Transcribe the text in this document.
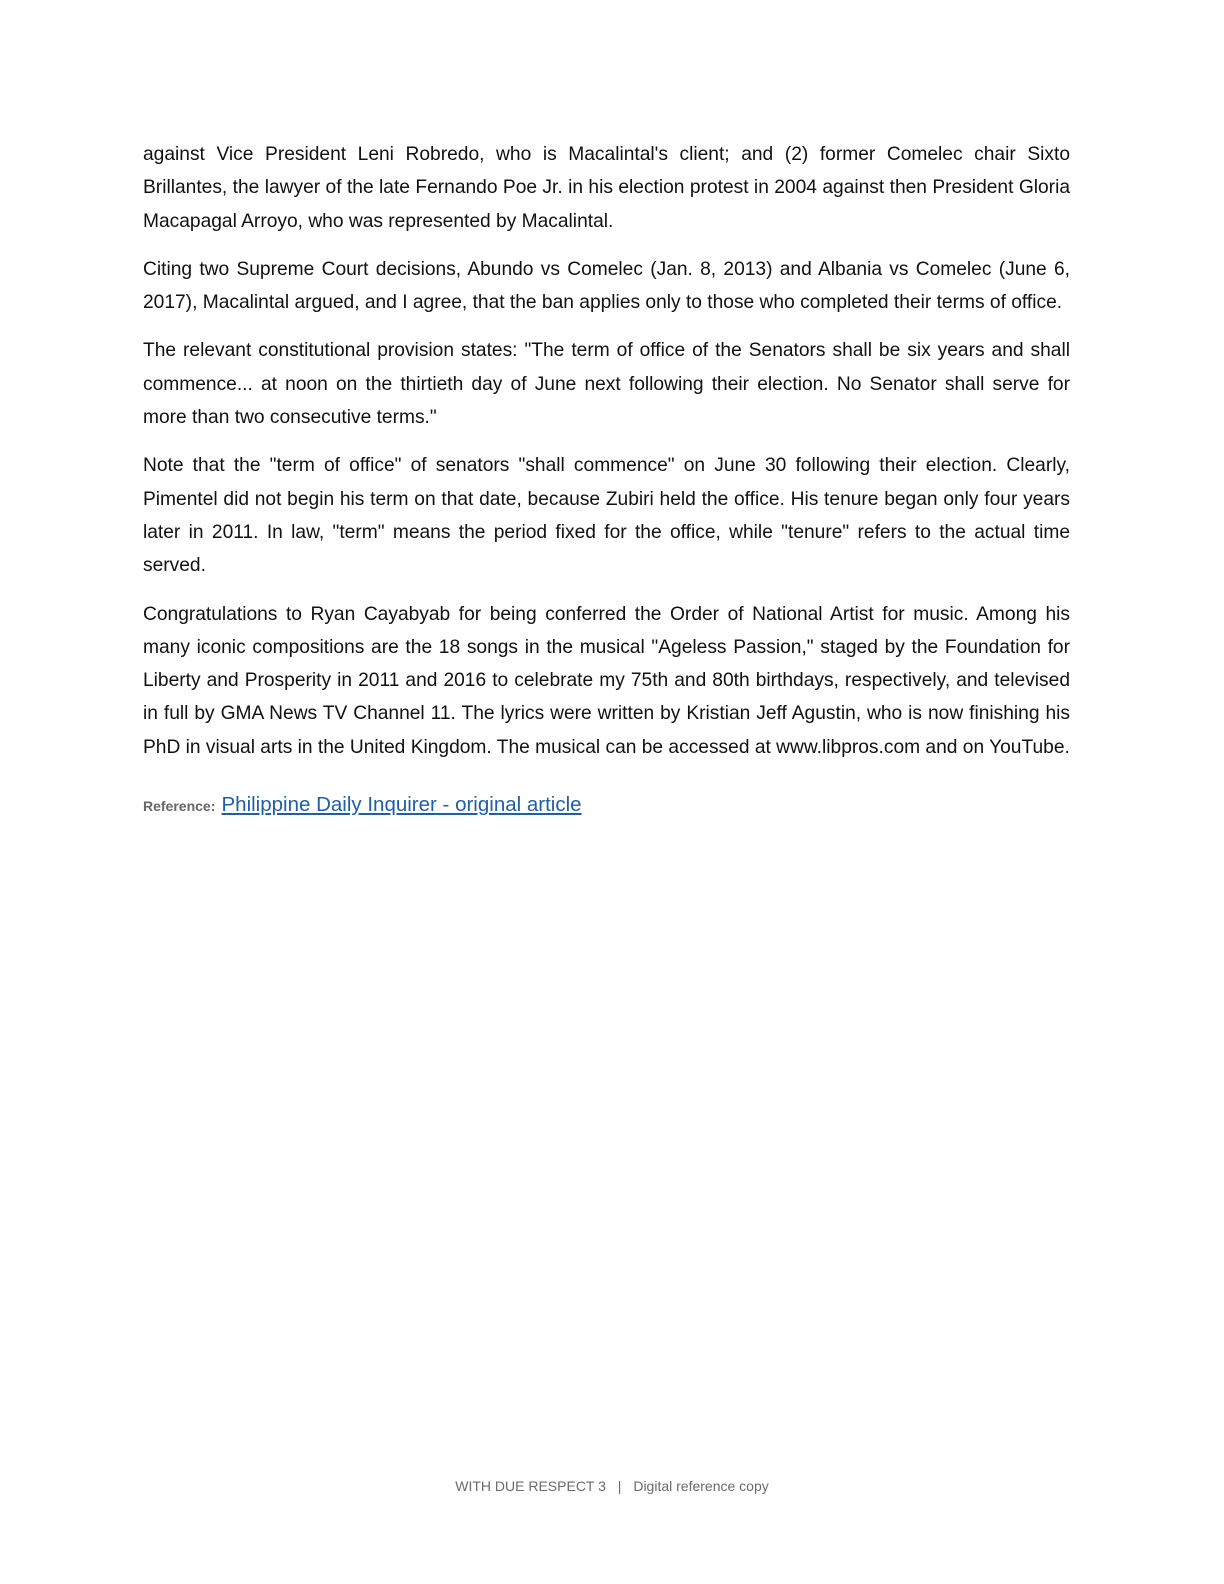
against Vice President Leni Robredo, who is Macalintal's client; and (2) former Comelec chair Sixto Brillantes, the lawyer of the late Fernando Poe Jr. in his election protest in 2004 against then President Gloria Macapagal Arroyo, who was represented by Macalintal.

Citing two Supreme Court decisions, Abundo vs Comelec (Jan. 8, 2013) and Albania vs Comelec (June 6, 2017), Macalintal argued, and I agree, that the ban applies only to those who completed their terms of office.

The relevant constitutional provision states: "The term of office of the Senators shall be six years and shall commence... at noon on the thirtieth day of June next following their election. No Senator shall serve for more than two consecutive terms."

Note that the "term of office" of senators "shall commence" on June 30 following their election. Clearly, Pimentel did not begin his term on that date, because Zubiri held the office. His tenure began only four years later in 2011. In law, "term" means the period fixed for the office, while "tenure" refers to the actual time served.

Congratulations to Ryan Cayabyab for being conferred the Order of National Artist for music. Among his many iconic compositions are the 18 songs in the musical "Ageless Passion," staged by the Foundation for Liberty and Prosperity in 2011 and 2016 to celebrate my 75th and 80th birthdays, respectively, and televised in full by GMA News TV Channel 11. The lyrics were written by Kristian Jeff Agustin, who is now finishing his PhD in visual arts in the United Kingdom. The musical can be accessed at www.libpros.com and on YouTube.

Reference: Philippine Daily Inquirer - original article
WITH DUE RESPECT 3 | Digital reference copy
